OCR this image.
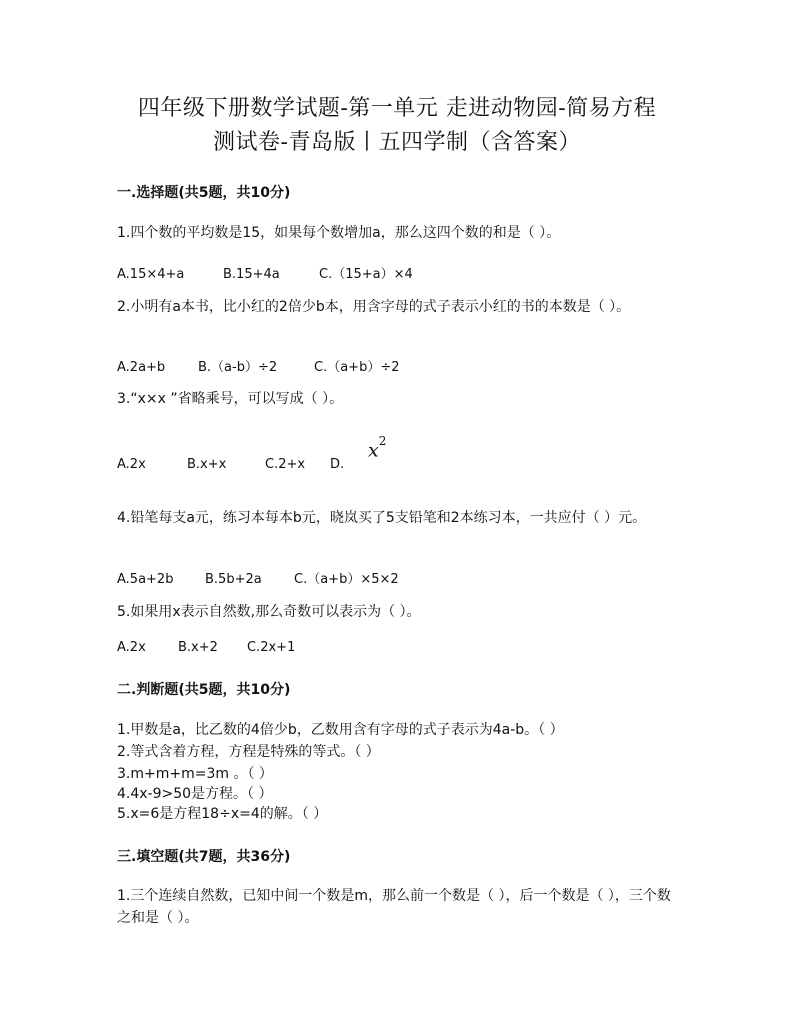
四年级下册数学试题-第一单元 走进动物园-简易方程
测试卷-青岛版丨五四学制（含答案）
一.选择题(共5题，共10分)
1.四个数的平均数是15，如果每个数增加a，那么这四个数的和是（ ）。
A.15×4+a	B.15+4a	C.（15+a）×4
2.小明有a本书，比小红的2倍少b本，用含字母的式子表示小红的书的本数是（ ）。
A.2a+b	B.（a-b）÷2	C.（a+b）÷2
3.“x×x ”省略乘号，可以写成（ ）。
A.2x	B.x+x	C.2+x D.
$x^2$
4.铅笔每支a元，练习本每本b元，晓岚买了5支铅笔和2本练习本，一共应付（ ）元。
A.5a+2b B.5b+2a C.（a+b）×5×2
5.如果用x表示自然数,那么奇数可以表示为（ ）。
A.2x B.x+2 C.2x+1
二.判断题(共5题，共10分)
1.甲数是a，比乙数的4倍少b，乙数用含有字母的式子表示为4a-b。（ ）
2.等式含着方程，方程是特殊的等式。（ ）
3.m+m+m=3m 。（ ）
4.4x-9>50是方程。（ ）
5.x=6是方程18÷x=4的解。（ ）
三.填空题(共7题，共36分)
1.三个连续自然数，已知中间一个数是m，那么前一个数是（ ），后一个数是（ ），三个数之和是（ ）。
